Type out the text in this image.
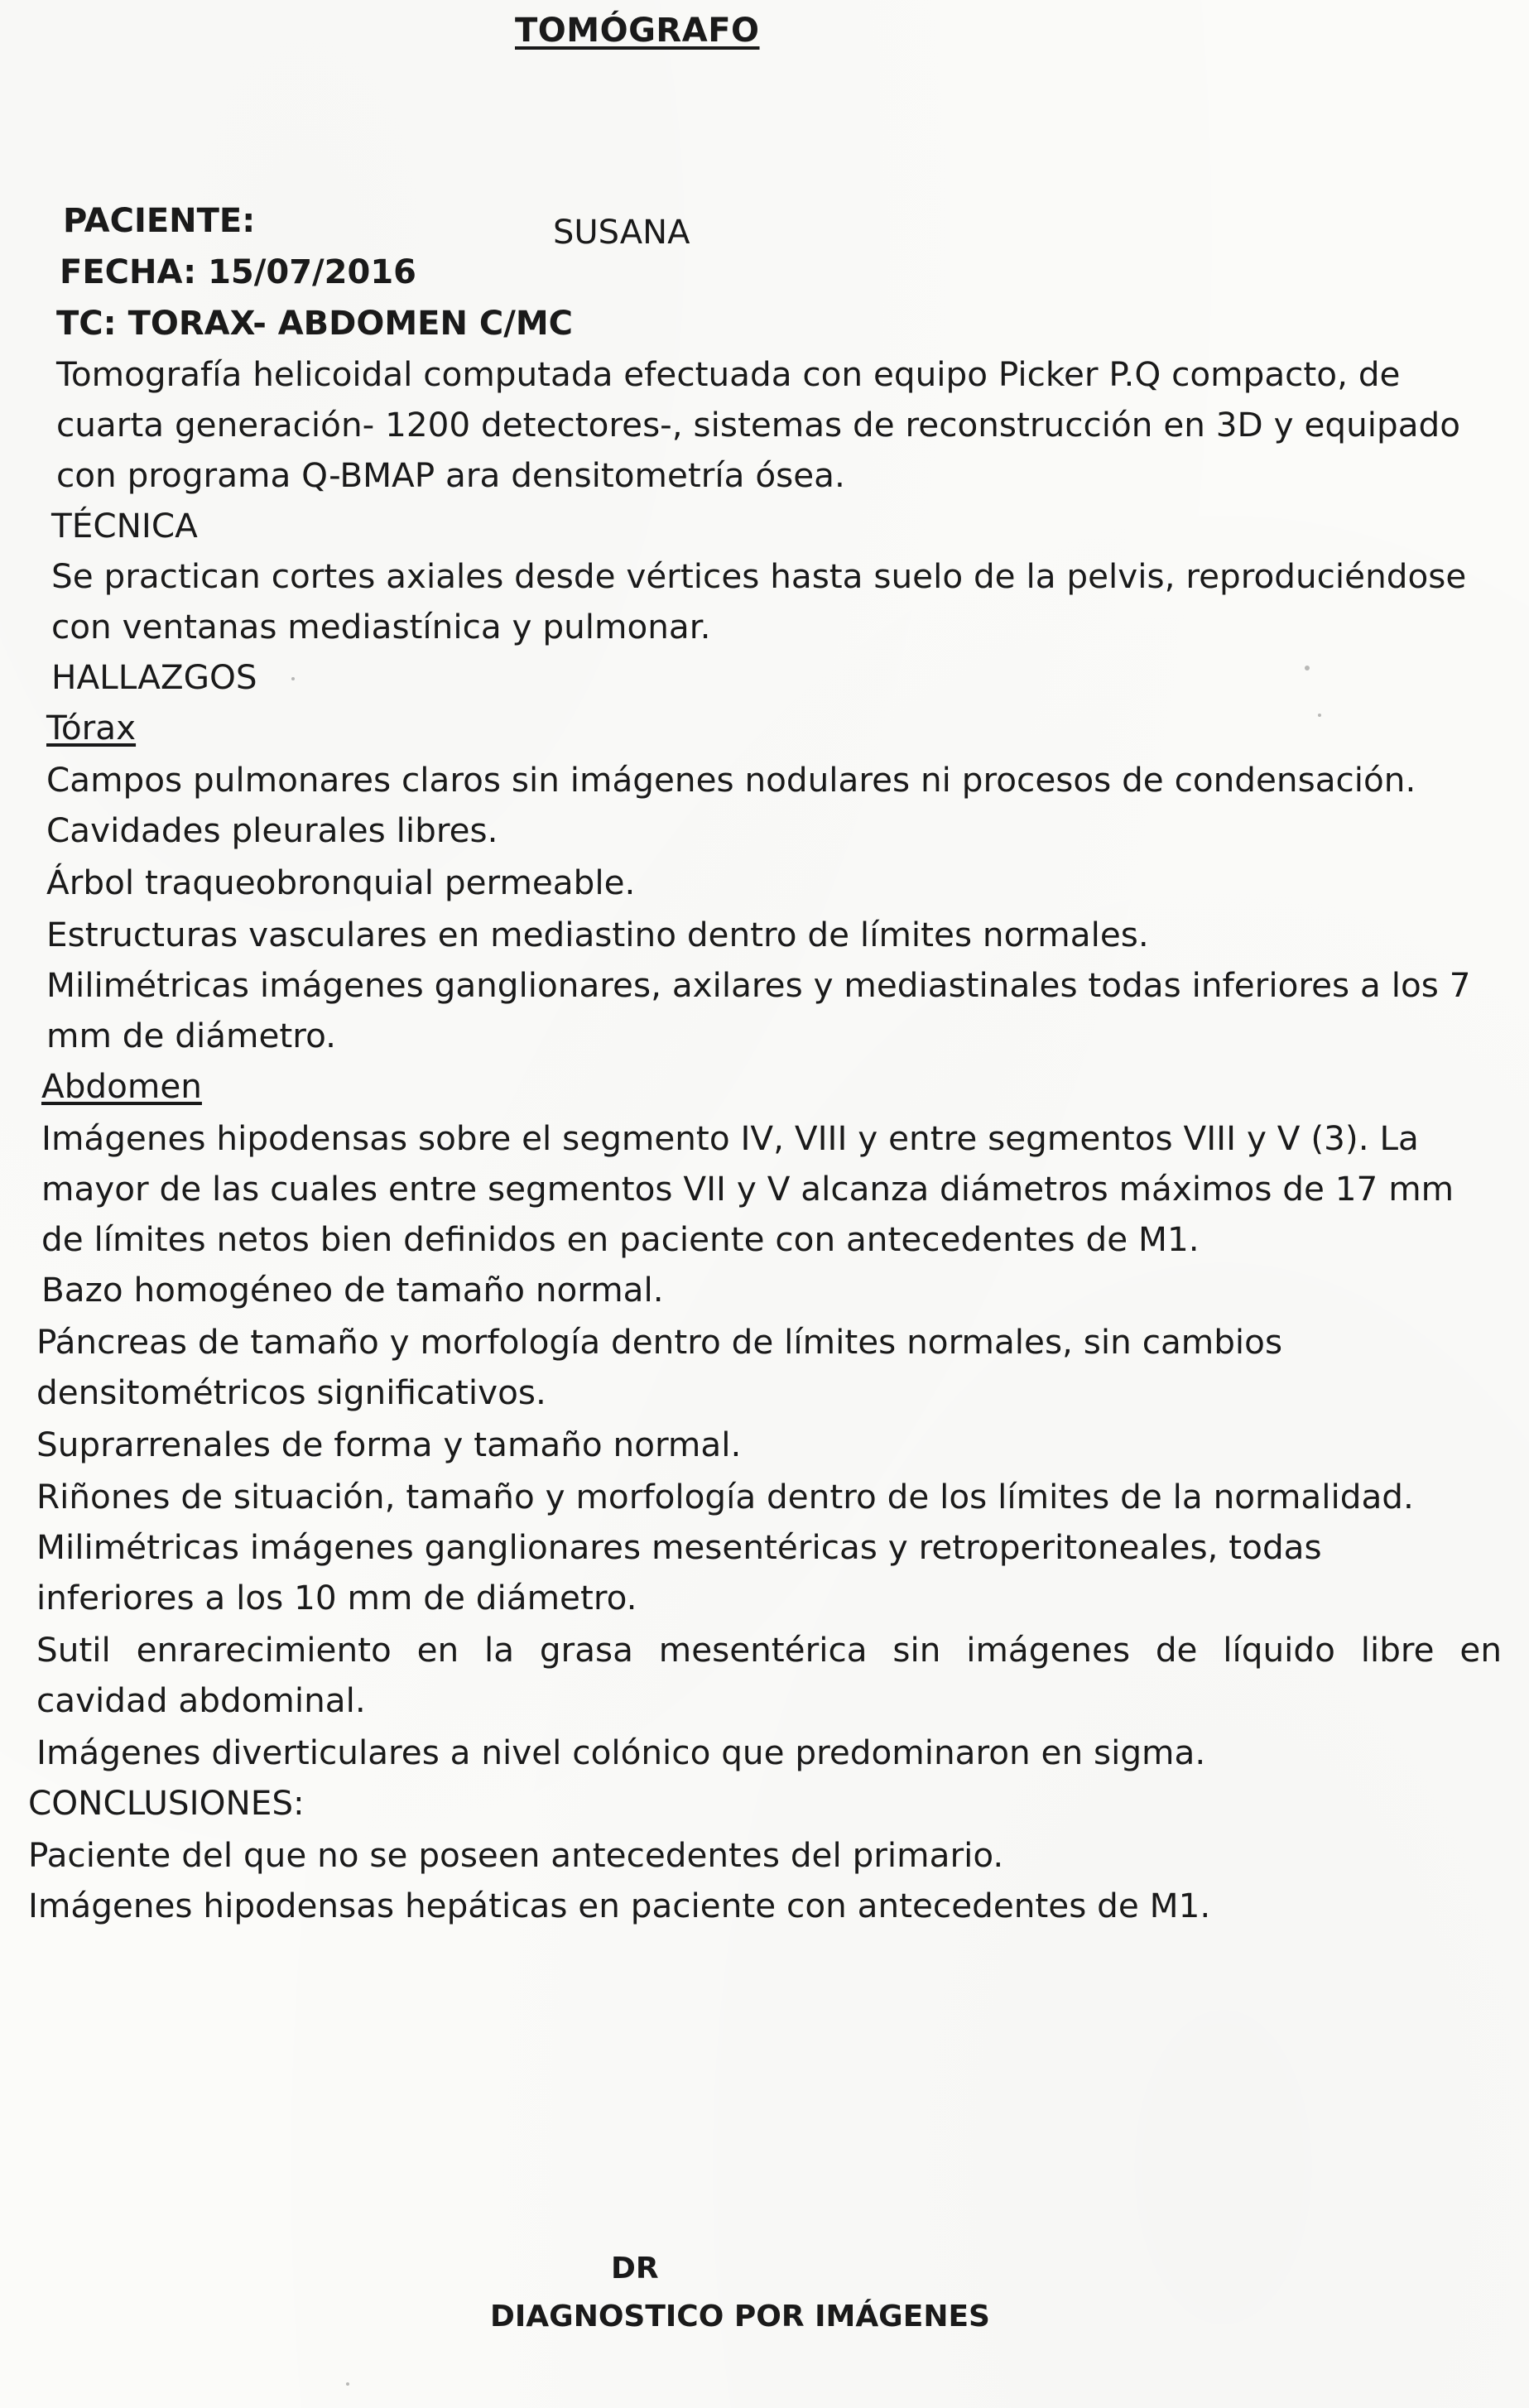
TOMÓGRAFO
PACIENTE:	SUSANA
FECHA: 15/07/2016
TC: TORAX- ABDOMEN C/MC

Tomografía helicoidal computada efectuada con equipo Picker P.Q compacto, de

cuarta generación- 1200 detectores-, sistemas de reconstrucción en 3D y equipado

con programa Q-BMAP ara densitometría ósea.

TÉCNICA

Se practican cortes axiales desde vértices hasta suelo de la pelvis, reproduciéndose

con ventanas mediastínica y pulmonar.

HALLAZGOS

Tórax

Campos pulmonares claros sin imágenes nodulares ni procesos de condensación.

Cavidades pleurales libres.

Árbol traqueobronquial permeable.

Estructuras vasculares en mediastino dentro de límites normales.

Milimétricas imágenes ganglionares, axilares y mediastinales todas inferiores a los 7

mm de diámetro.

Abdomen

Imágenes hipodensas sobre el segmento IV, VIII y entre segmentos VIII y V (3). La

mayor de las cuales entre segmentos VII y V alcanza diámetros máximos de 17 mm

de límites netos bien definidos en paciente con antecedentes de M1.

Bazo homogéneo de tamaño normal.

Páncreas de tamaño y morfología dentro de límites normales, sin cambios

densitométricos significativos.

Suprarrenales de forma y tamaño normal.

Riñones de situación, tamaño y morfología dentro de los límites de la normalidad.

Milimétricas imágenes ganglionares mesentéricas y retroperitoneales, todas

inferiores a los 10 mm de diámetro.

Sutil enrarecimiento en la grasa mesentérica sin imágenes de líquido libre en

cavidad abdominal.

Imágenes diverticulares a nivel colónico que predominaron en sigma.

CONCLUSIONES:

Paciente del que no se poseen antecedentes del primario.

Imágenes hipodensas hepáticas en paciente con antecedentes de M1.

DR
DIAGNOSTICO POR IMÁGENES
